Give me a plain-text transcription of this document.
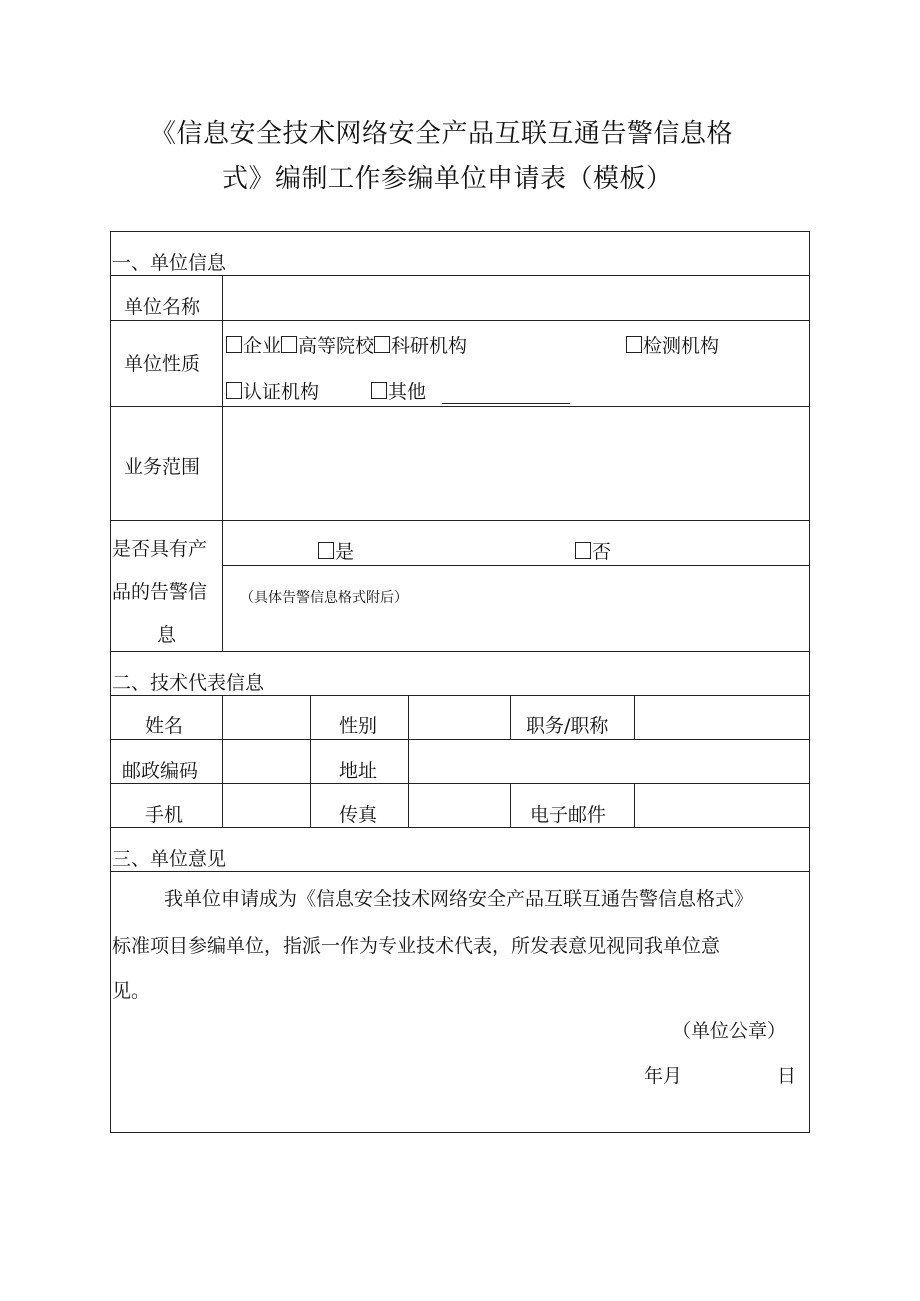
《信息安全技术网络安全产品互联互通告警信息格
式》编制工作参编单位申请表（模板）
一、单位信息
单位名称
单位性质
企业 高等院校 科研机构	检测机构
认证机构	其他
业务范围
是否具有产
品的告警信
息
是	否
（具体告警信息格式附后）
二、技术代表信息
姓名	性别	职务/职称
邮政编码	地址
手机	传真	电子邮件
三、单位意见
我单位申请成为《信息安全技术网络安全产品互联互通告警信息格式》
标准项目参编单位，指派一作为专业技术代表，所发表意见视同我单位意
见。
（单位公章）
年月	日
